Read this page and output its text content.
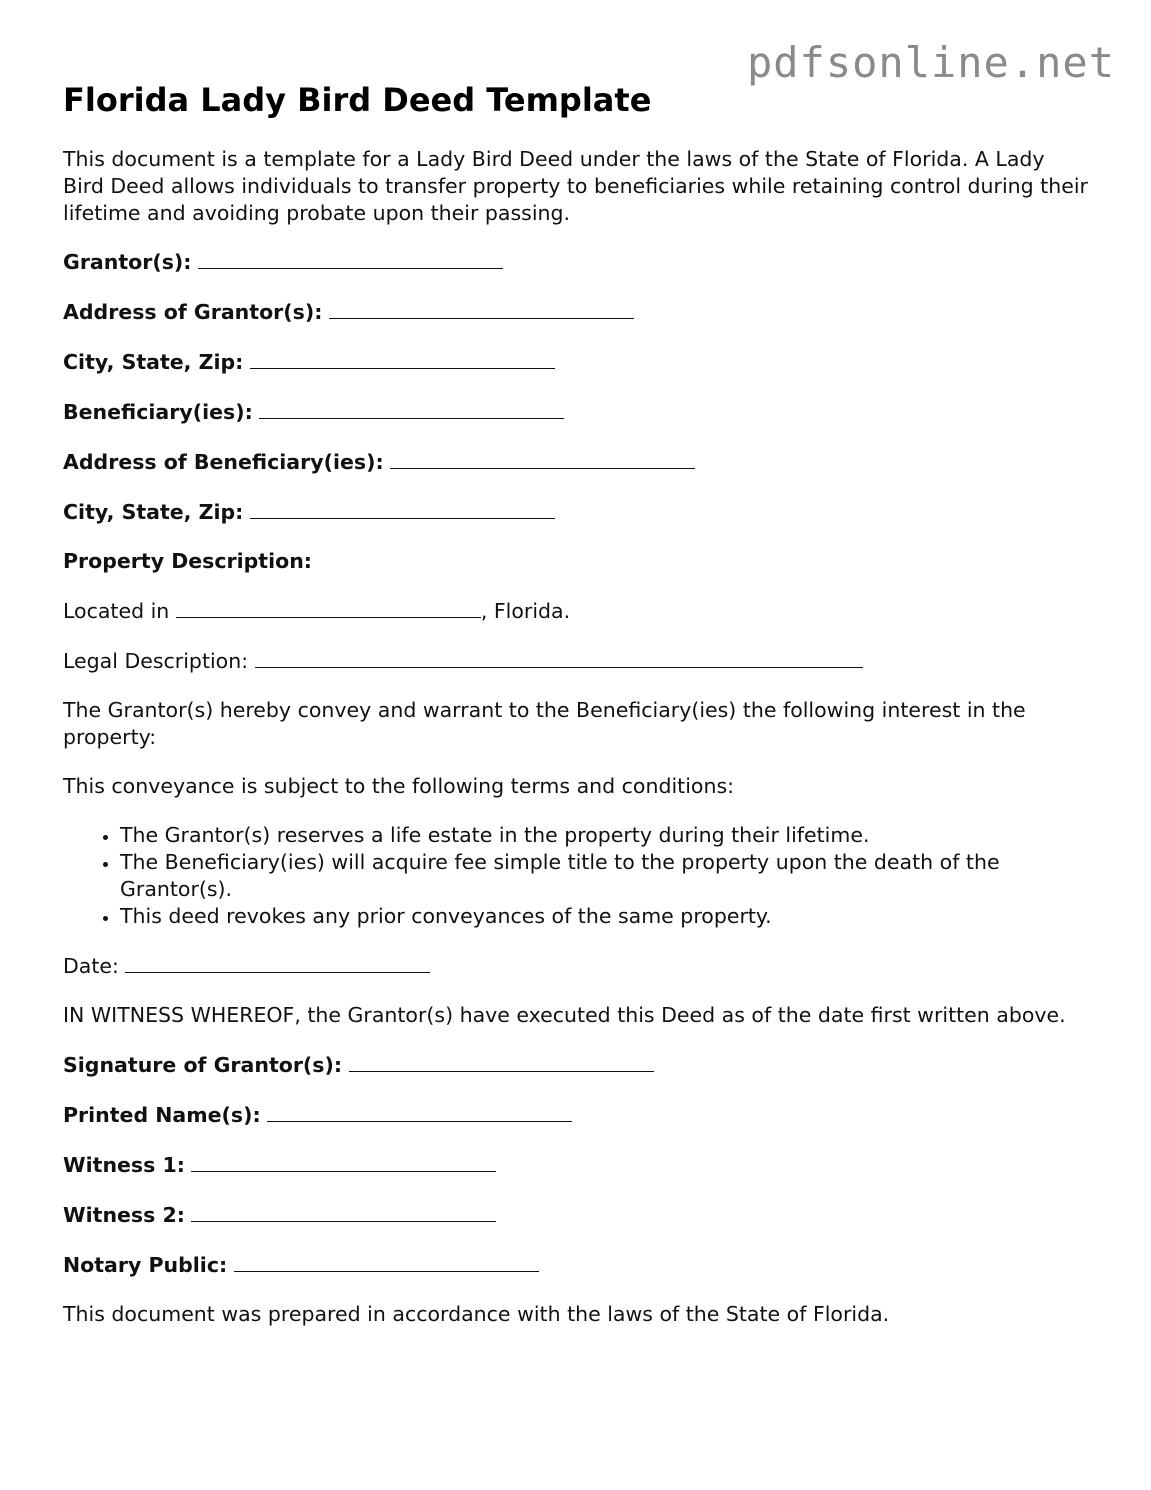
pdfsonline.net
Florida Lady Bird Deed Template

This document is a template for a Lady Bird Deed under the laws of the State of Florida. A Lady Bird Deed allows individuals to transfer property to beneficiaries while retaining control during their lifetime and avoiding probate upon their passing.

Grantor(s):

Address of Grantor(s):

City, State, Zip:

Beneficiary(ies):

Address of Beneficiary(ies):

City, State, Zip:

Property Description:

Located in	, Florida.

Legal Description:

The Grantor(s) hereby convey and warrant to the Beneficiary(ies) the following interest in the property:

This conveyance is subject to the following terms and conditions:

• The Grantor(s) reserves a life estate in the property during their lifetime.
• The Beneficiary(ies) will acquire fee simple title to the property upon the death of the Grantor(s).
• This deed revokes any prior conveyances of the same property.

Date:

IN WITNESS WHEREOF, the Grantor(s) have executed this Deed as of the date first written above.

Signature of Grantor(s):

Printed Name(s):

Witness 1:

Witness 2:

Notary Public:

This document was prepared in accordance with the laws of the State of Florida.
